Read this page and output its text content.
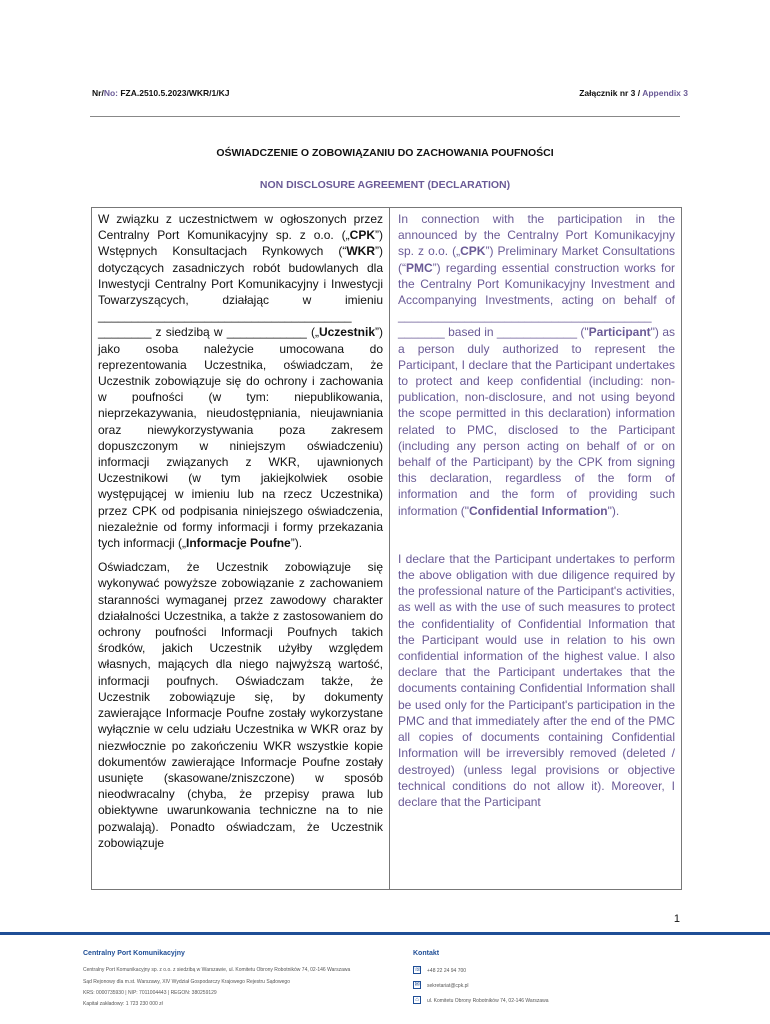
Nr/No: FZA.2510.5.2023/WKR/1/KJ	Załącznik nr 3 / Appendix 3
OŚWIADCZENIE O ZOBOWIĄZANIU DO ZACHOWANIA POUFNOŚCI
NON DISCLOSURE AGREEMENT (DECLARATION)

W związku z uczestnictwem w ogłoszonych przez Centralny Port Komunikacyjny sp. z o.o. („CPK”) Wstępnych Konsultacjach Rynkowych (“WKR”) dotyczących zasadniczych robót budowlanych dla Inwestycji Centralny Port Komunikacyjny i Inwestycji Towarzyszących, działając w imieniu ______________________________________ ________ z siedzibą w ____________ („Uczestnik”) jako osoba należycie umocowana do reprezentowania Uczestnika, oświadczam, że Uczestnik zobowiązuje się do ochrony i zachowania w poufności (w tym: niepublikowania, nieprzekazywania, nieudostępniania, nieujawniania oraz niewykorzystywania poza zakresem dopuszczonym w niniejszym oświadczeniu) informacji związanych z WKR, ujawnionych Uczestnikowi (w tym jakiejkolwiek osobie występującej w imieniu lub na rzecz Uczestnika) przez CPK od podpisania niniejszego oświadczenia, niezależnie od formy informacji i formy przekazania tych informacji („Informacje Poufne”).

Oświadczam, że Uczestnik zobowiązuje się wykonywać powyższe zobowiązanie z zachowaniem staranności wymaganej przez zawodowy charakter działalności Uczestnika, a także z zastosowaniem do ochrony poufności Informacji Poufnych takich środków, jakich Uczestnik użyłby względem własnych, mających dla niego najwyższą wartość, informacji poufnych. Oświadczam także, że Uczestnik zobowiązuje się, by dokumenty zawierające Informacje Poufne zostały wykorzystane wyłącznie w celu udziału Uczestnika w WKR oraz by niezwłocznie po zakończeniu WKR wszystkie kopie dokumentów zawierające Informacje Poufne zostały usunięte (skasowane/zniszczone) w sposób nieodwracalny (chyba, że przepisy prawa lub obiektywne uwarunkowania techniczne na to nie pozwalają). Ponadto oświadczam, że Uczestnik zobowiązuje

In connection with the participation in the announced by the Centralny Port Komunikacyjny sp. z o.o. („CPK”) Preliminary Market Consultations (“PMC”) regarding essential construction works for the Centralny Port Komunikacyjny Investment and Accompanying Investments, acting on behalf of ______________________________________ _______ based in ____________ ("Participant") as a person duly authorized to represent the Participant, I declare that the Participant undertakes to protect and keep confidential (including: non-publication, non-disclosure, and not using beyond the scope permitted in this declaration) information related to PMC, disclosed to the Participant (including any person acting on behalf of or on behalf of the Participant) by the CPK from signing this declaration, regardless of the form of information and the form of providing such information ("Confidential Information").

I declare that the Participant undertakes to perform the above obligation with due diligence required by the professional nature of the Participant's activities, as well as with the use of such measures to protect the confidentiality of Confidential Information that the Participant would use in relation to his own confidential information of the highest value. I also declare that the Participant undertakes that the documents containing Confidential Information shall be used only for the Participant's participation in the PMC and that immediately after the end of the PMC all copies of documents containing Confidential Information will be irreversibly removed (deleted / destroyed) (unless legal provisions or objective technical conditions do not allow it). Moreover, I declare that the Participant

1
Centralny Port Komunikacyjny
Centralny Port Komunikacyjny sp. z o.o. z siedzibą w Warszawie, ul. Komitetu Obrony Robotników 74, 02-146 Warszawa
Sąd Rejonowy dla m.st. Warszawy, XIV Wydział Gospodarczy Krajowego Rejestru Sądowego
KRS: 0000735930 | NIP: 7011004443 | REGON: 380259129
Kapitał zakładowy: 1 723 230 000 zł
Kontakt
☏ +48 22 24 94 700
✉ sekretariat@cpk.pl
⌂	ul. Komitetu Obrony Robotników 74, 02-146 Warszawa
